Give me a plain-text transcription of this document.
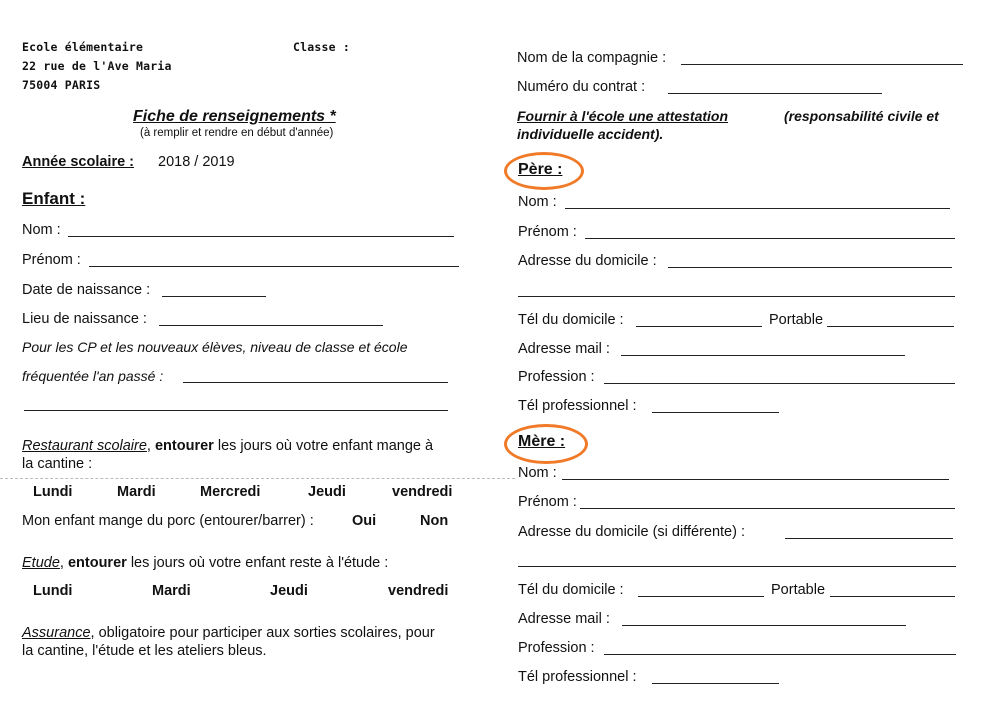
Ecole élémentaire
22 rue de l'Ave Maria
75004 PARIS
Classe :
Fiche de renseignements *
(à remplir et rendre en début d'année)
Année scolaire : 2018 / 2019
Enfant :
Nom :
Prénom :
Date de naissance :
Lieu de naissance :
Pour les CP et les nouveaux élèves, niveau de classe et école
fréquentée l'an passé :
Restaurant scolaire, entourer les jours où votre enfant mange à
la cantine :
Lundi	Mardi	Mercredi	Jeudi	vendredi
Mon enfant mange du porc (entourer/barrer) :	Oui	Non
Etude, entourer les jours où votre enfant reste à l'étude :
Lundi	Mardi	Jeudi	vendredi
Assurance, obligatoire pour participer aux sorties scolaires, pour
la cantine, l'étude et les ateliers bleus.
Nom de la compagnie :
Numéro du contrat :
Fournir à l'école une attestation	(responsabilité civile et
individuelle accident).
Père :
Nom :
Prénom :
Adresse du domicile :
Tél du domicile :	Portable
Adresse mail :
Profession :
Tél professionnel :
Mère :
Nom :
Prénom :
Adresse du domicile (si différente) :
Tél du domicile :	Portable
Adresse mail :
Profession :
Tél professionnel :
